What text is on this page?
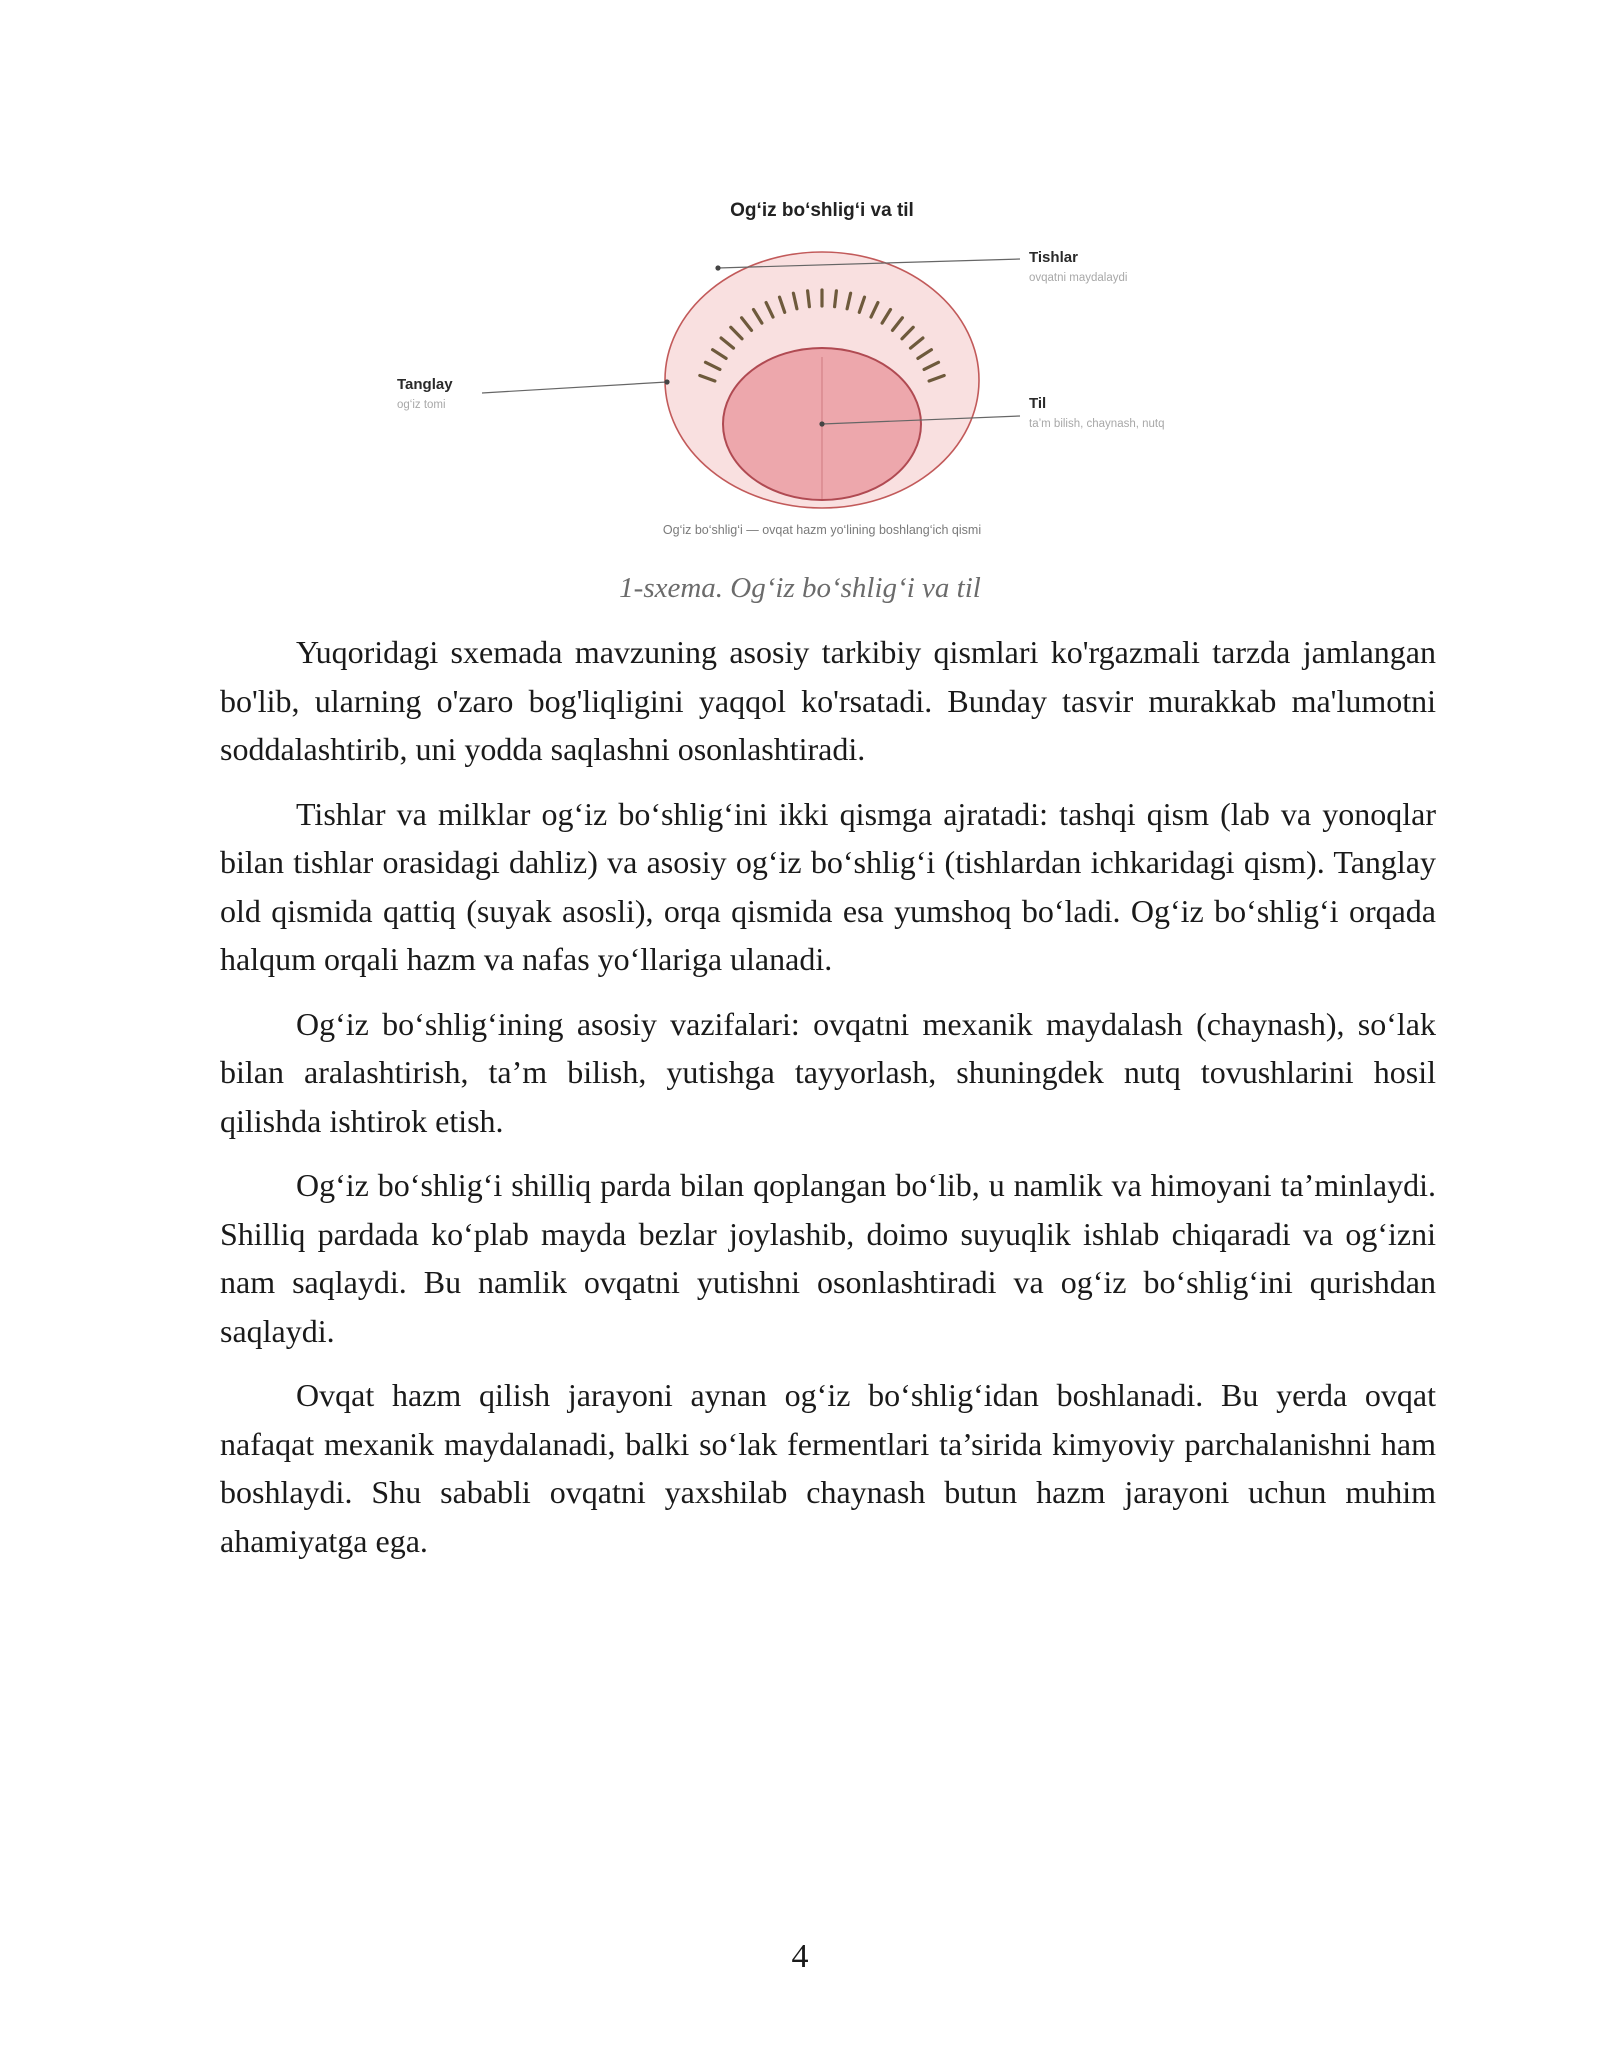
Og‘iz bo‘shlig‘i va til
Tishlar
ovqatni maydalaydi
Tanglay
og‘iz tomi	Til
ta’m bilish, chaynash, nutq
Og‘iz bo‘shlig‘i — ovqat hazm yo‘lining boshlang‘ich qismi
1-sxema. Og‘iz bo‘shlig‘i va til

Yuqoridagi sxemada mavzuning asosiy tarkibiy qismlari ko'rgazmali tarzda jamlangan bo'lib, ularning o'zaro bog'liqligini yaqqol ko'rsatadi. Bunday tasvir murakkab ma'lumotni soddalashtirib, uni yodda saqlashni osonlashtiradi.

Tishlar va milklar og‘iz bo‘shlig‘ini ikki qismga ajratadi: tashqi qism (lab va yonoqlar bilan tishlar orasidagi dahliz) va asosiy og‘iz bo‘shlig‘i (tishlardan ichkaridagi qism). Tanglay old qismida qattiq (suyak asosli), orqa qismida esa yumshoq bo‘ladi. Og‘iz bo‘shlig‘i orqada halqum orqali hazm va nafas yo‘llariga ulanadi.

Og‘iz bo‘shlig‘ining asosiy vazifalari: ovqatni mexanik maydalash (chaynash), so‘lak bilan aralashtirish, ta’m bilish, yutishga tayyorlash, shuningdek nutq tovushlarini hosil qilishda ishtirok etish.

Og‘iz bo‘shlig‘i shilliq parda bilan qoplangan bo‘lib, u namlik va himoyani ta’minlaydi. Shilliq pardada ko‘plab mayda bezlar joylashib, doimo suyuqlik ishlab chiqaradi va og‘izni nam saqlaydi. Bu namlik ovqatni yutishni osonlashtiradi va og‘iz bo‘shlig‘ini qurishdan saqlaydi.

Ovqat hazm qilish jarayoni aynan og‘iz bo‘shlig‘idan boshlanadi. Bu yerda ovqat nafaqat mexanik maydalanadi, balki so‘lak fermentlari ta’sirida kimyoviy parchalanishni ham boshlaydi. Shu sababli ovqatni yaxshilab chaynash butun hazm jarayoni uchun muhim ahamiyatga ega.

4
